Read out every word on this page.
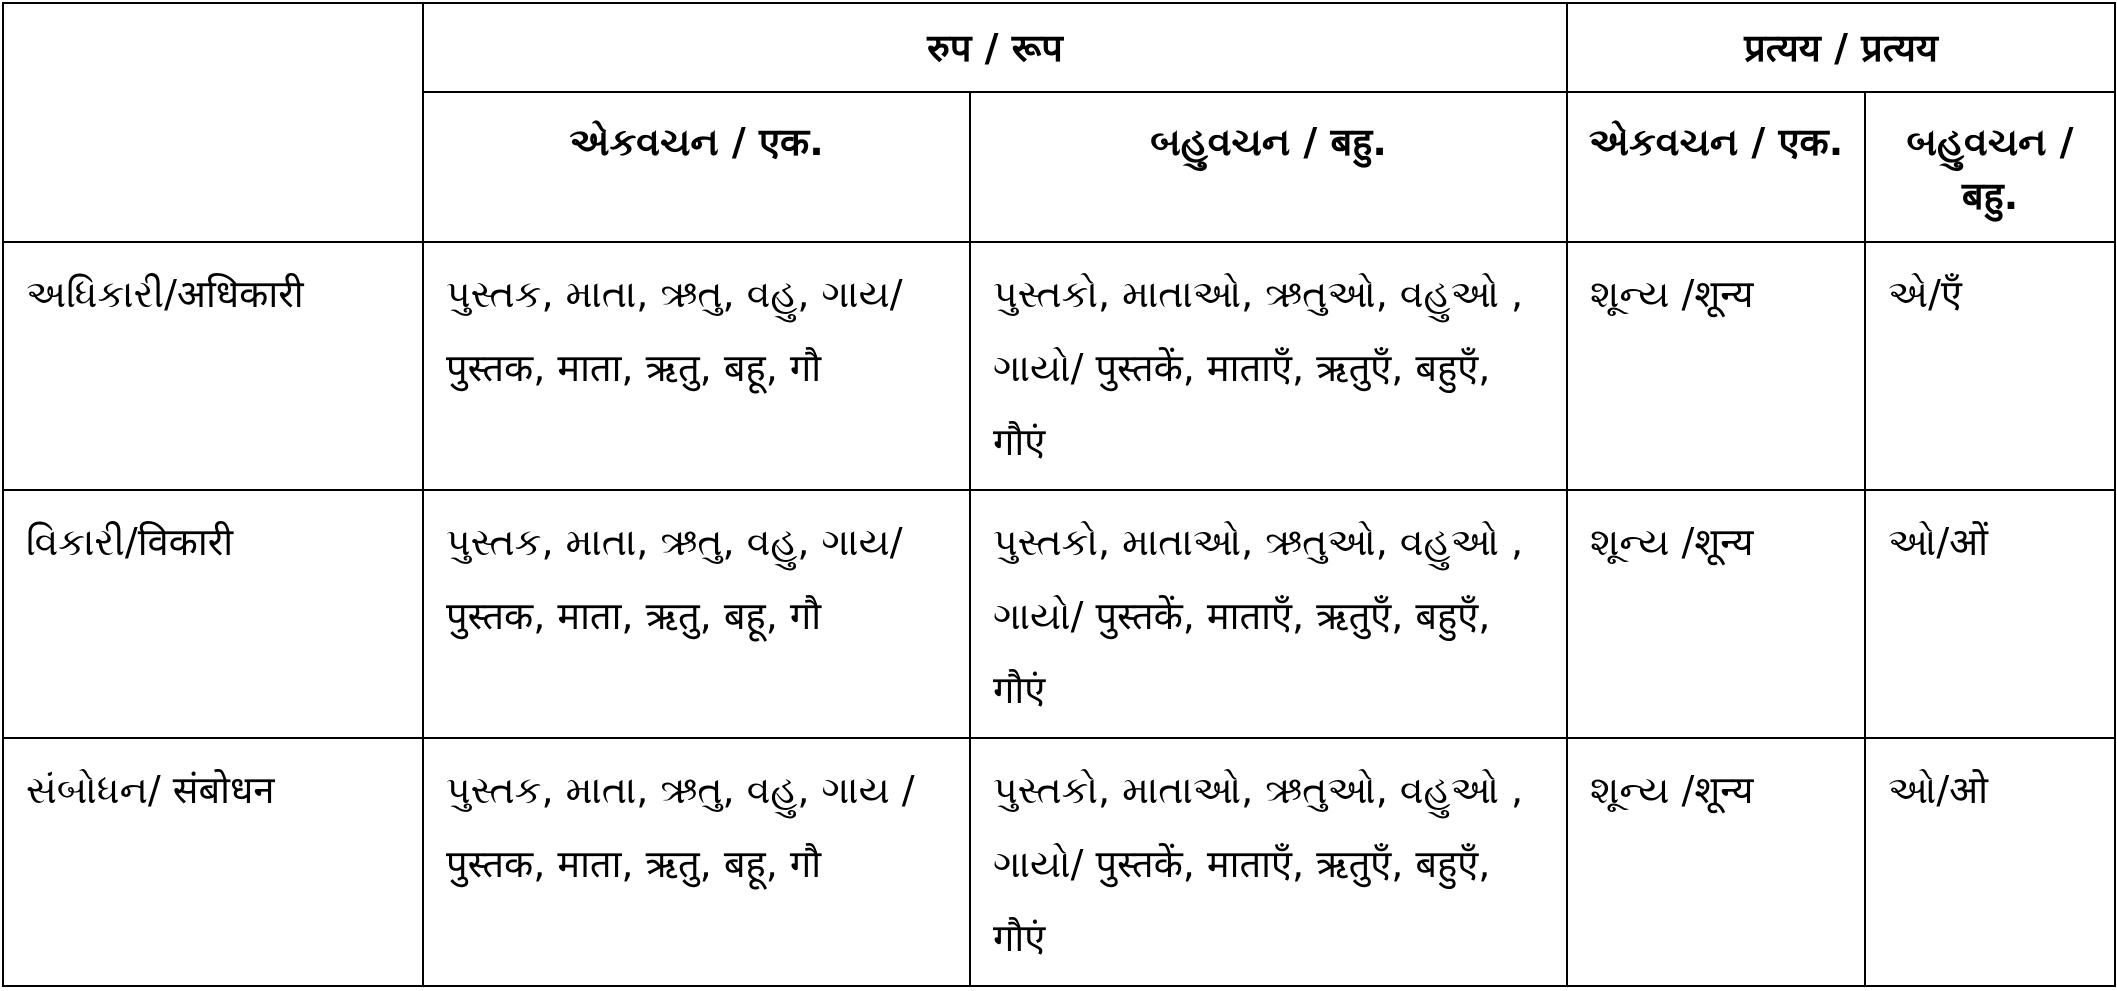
	रुप / रूप		प्रत्यय / प्रत्यय	
	એકવચન / एक.	બહુવચન / बहु.	એકવચન / एक.	બહુવચન / बहु.
અધિકારી/अधिकारी	પુસ્તક, માતા, ઋતુ, વહુ, ગાય/ पुस्तक, माता, ऋतु, बहू, गौ	પુસ્તકો, માતાઓ, ઋતુઓ, વહુઓ , ગાયો/ पुस्तकें, माताएँ, ऋतुएँ, बहुएँ, गौएं	શૂન્ય /शून्य	એ/एँ
વિકારી/विकारी	પુસ્તક, માતા, ઋતુ, વહુ, ગાય/ पुस्तक, माता, ऋतु, बहू, गौ	પુસ્તકો, માતાઓ, ઋતુઓ, વહુઓ , ગાયો/ पुस्तकें, माताएँ, ऋतुएँ, बहुएँ, गौएं	શૂન્ય /शून्य	ઓ/ओं
સંબોધન/ संबोधन	પુસ્તક, માતા, ઋતુ, વહુ, ગાય /पुस्तक, माता, ऋतु, बहू, गौ	પુસ્તકો, માતાઓ, ઋતુઓ, વહુઓ , ગાયો/ पुस्तकें, माताएँ, ऋतुएँ, बहुएँ, गौएं	શૂન્ય /शून्य	ઓ/ओ
